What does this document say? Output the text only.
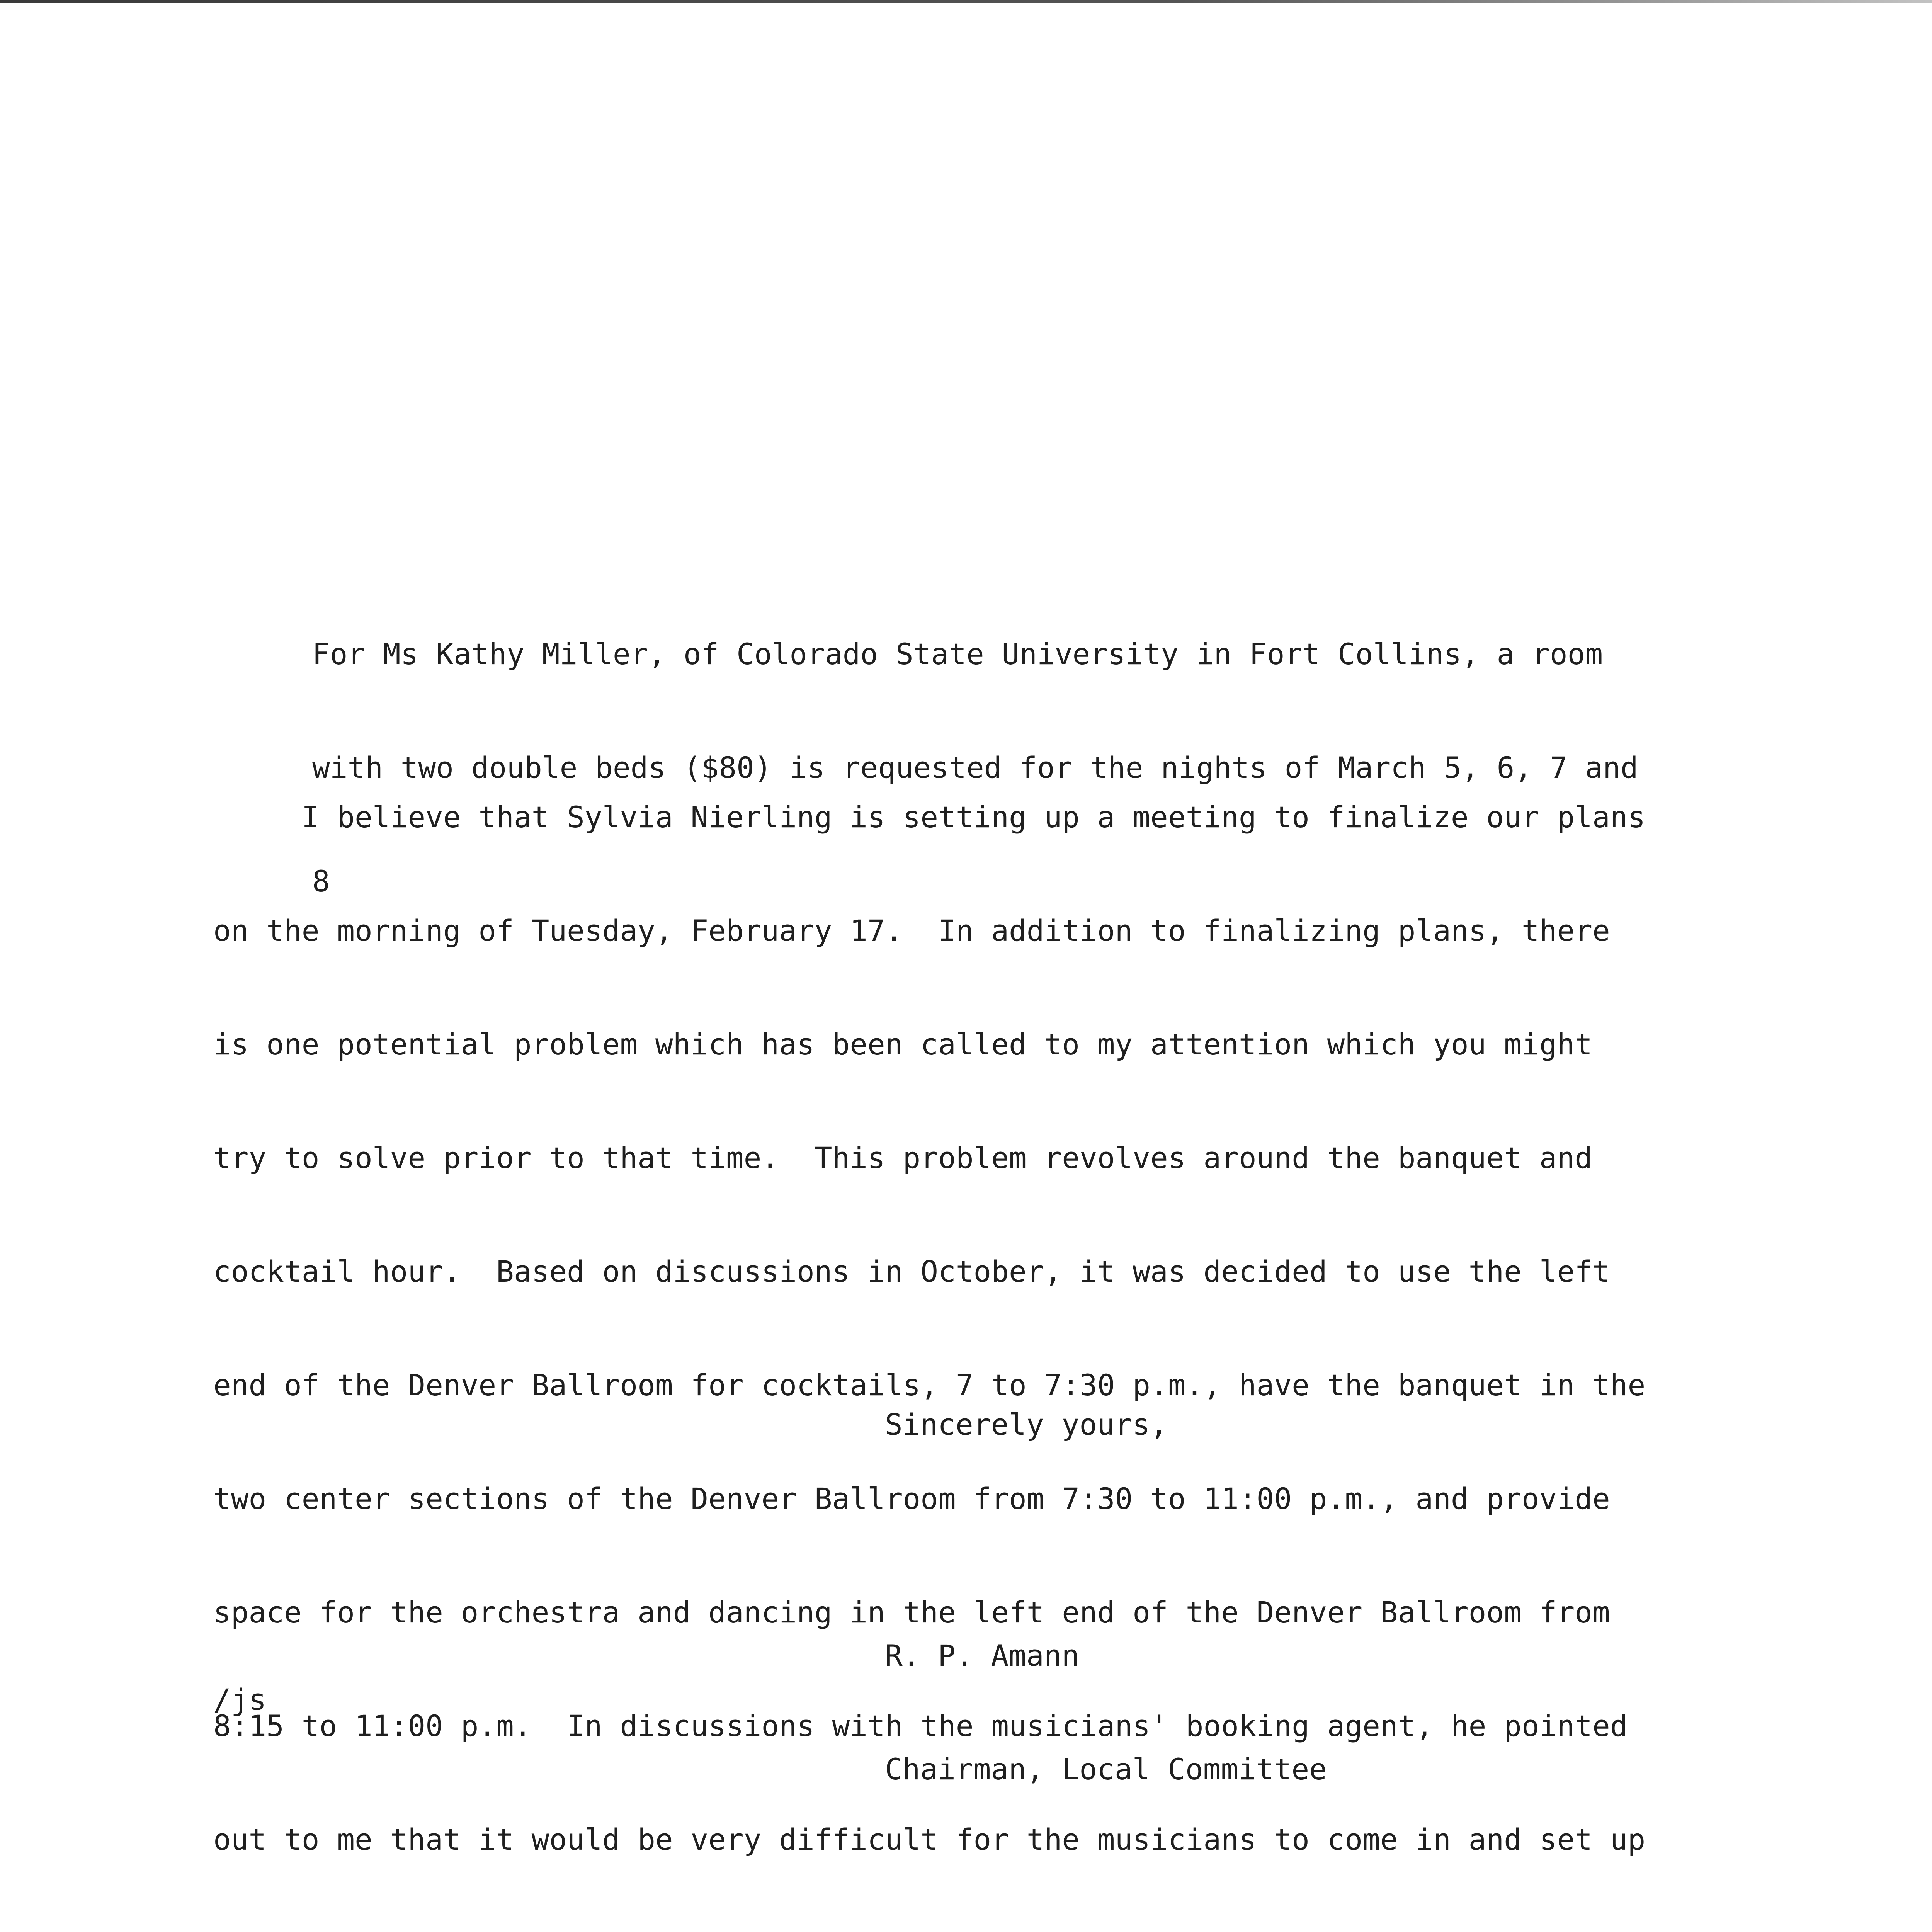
For Ms Kathy Miller, of Colorado State University in Fort Collins, a room

with two double beds ($80) is requested for the nights of March 5, 6, 7 and

8

I believe that Sylvia Nierling is setting up a meeting to finalize our plans

on the morning of Tuesday, February 17.  In addition to finalizing plans, there

is one potential problem which has been called to my attention which you might

try to solve prior to that time.  This problem revolves around the banquet and

cocktail hour.  Based on discussions in October, it was decided to use the left

end of the Denver Ballroom for cocktails, 7 to 7:30 p.m., have the banquet in the

two center sections of the Denver Ballroom from 7:30 to 11:00 p.m., and provide

space for the orchestra and dancing in the left end of the Denver Ballroom from

8:15 to 11:00 p.m.  In discussions with the musicians' booking agent, he pointed

out to me that it would be very difficult for the musicians to come in and set up

Sincerely yours,

R. P. Amann

Chairman, Local Committee

/js
